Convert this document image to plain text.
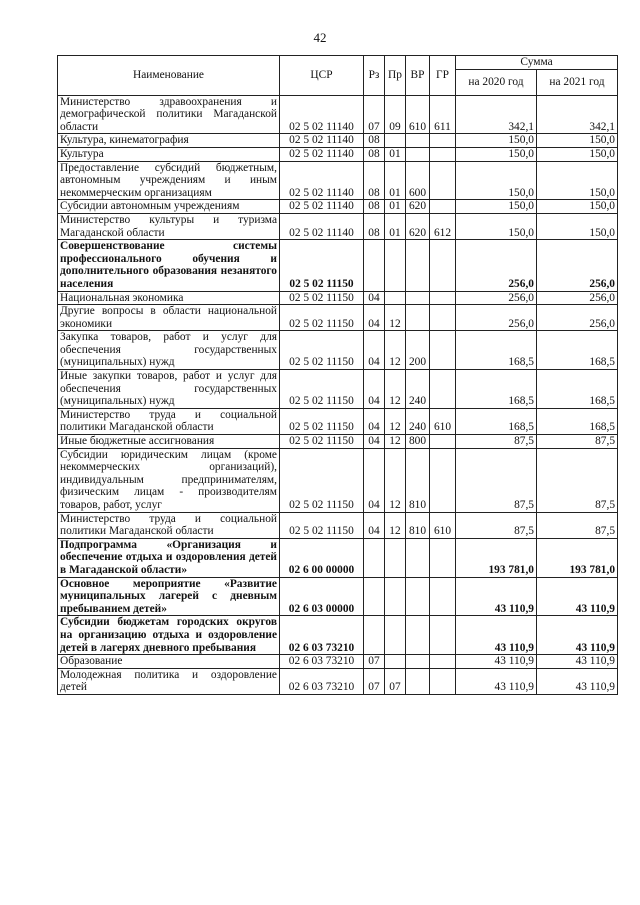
42
Наименование	ЦСР	Рз	Пр	ВР	ГР	Сумма	
						на 2020 год	на 2021 год
Министерство здравоохранения и демографической политики Магаданской области	02 5 02 11140	07	09	610	611	342,1	342,1
Культура, кинематография	02 5 02 11140	08				150,0	150,0
Культура	02 5 02 11140	08	01			150,0	150,0
Предоставление субсидий бюджетным, автономным учреждениям и иным некоммерческим организациям	02 5 02 11140	08	01	600		150,0	150,0
Субсидии автономным учреждениям	02 5 02 11140	08	01	620		150,0	150,0
Министерство культуры и туризма Магаданской области	02 5 02 11140	08	01	620	612	150,0	150,0
Совершенствование системы профессионального обучения и дополнительного образования незанятого населения	02 5 02 11150					256,0	256,0
Национальная экономика	02 5 02 11150	04				256,0	256,0
Другие вопросы в области национальной экономики	02 5 02 11150	04	12			256,0	256,0
Закупка товаров, работ и услуг для обеспечения государственных (муниципальных) нужд	02 5 02 11150	04	12	200		168,5	168,5
Иные закупки товаров, работ и услуг для обеспечения государственных (муниципальных) нужд	02 5 02 11150	04	12	240		168,5	168,5
Министерство труда и социальной политики Магаданской области	02 5 02 11150	04	12	240	610	168,5	168,5
Иные бюджетные ассигнования	02 5 02 11150	04	12	800		87,5	87,5
Субсидии юридическим лицам (кроме некоммерческих организаций), индивидуальным предпринимателям, физическим лицам - производителям товаров, работ, услуг	02 5 02 11150	04	12	810		87,5	87,5
Министерство труда и социальной политики Магаданской области	02 5 02 11150	04	12	810	610	87,5	87,5
Подпрограмма «Организация и обеспечение отдыха и оздоровления детей в Магаданской области»	02 6 00 00000					193 781,0	193 781,0
Основное мероприятие «Развитие муниципальных лагерей с дневным пребыванием детей»	02 6 03 00000					43 110,9	43 110,9
Субсидии бюджетам городских округов на организацию отдыха и оздоровление детей в лагерях дневного пребывания	02 6 03 73210					43 110,9	43 110,9
Образование	02 6 03 73210	07				43 110,9	43 110,9
Молодежная политика и оздоровление детей	02 6 03 73210	07	07			43 110,9	43 110,9
